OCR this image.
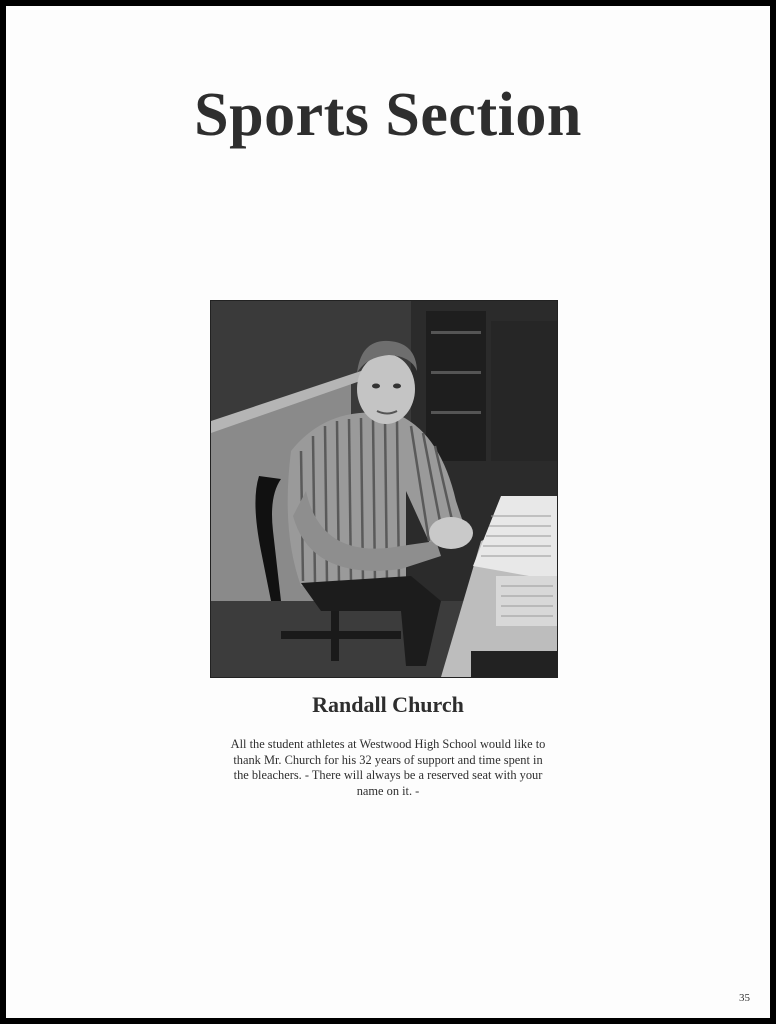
Sports Section
Randall Church
All the student athletes at Westwood High School would like to
thank Mr. Church for his 32 years of support and time spent in
the bleachers. - There will always be a reserved seat with your
name on it. -
35
